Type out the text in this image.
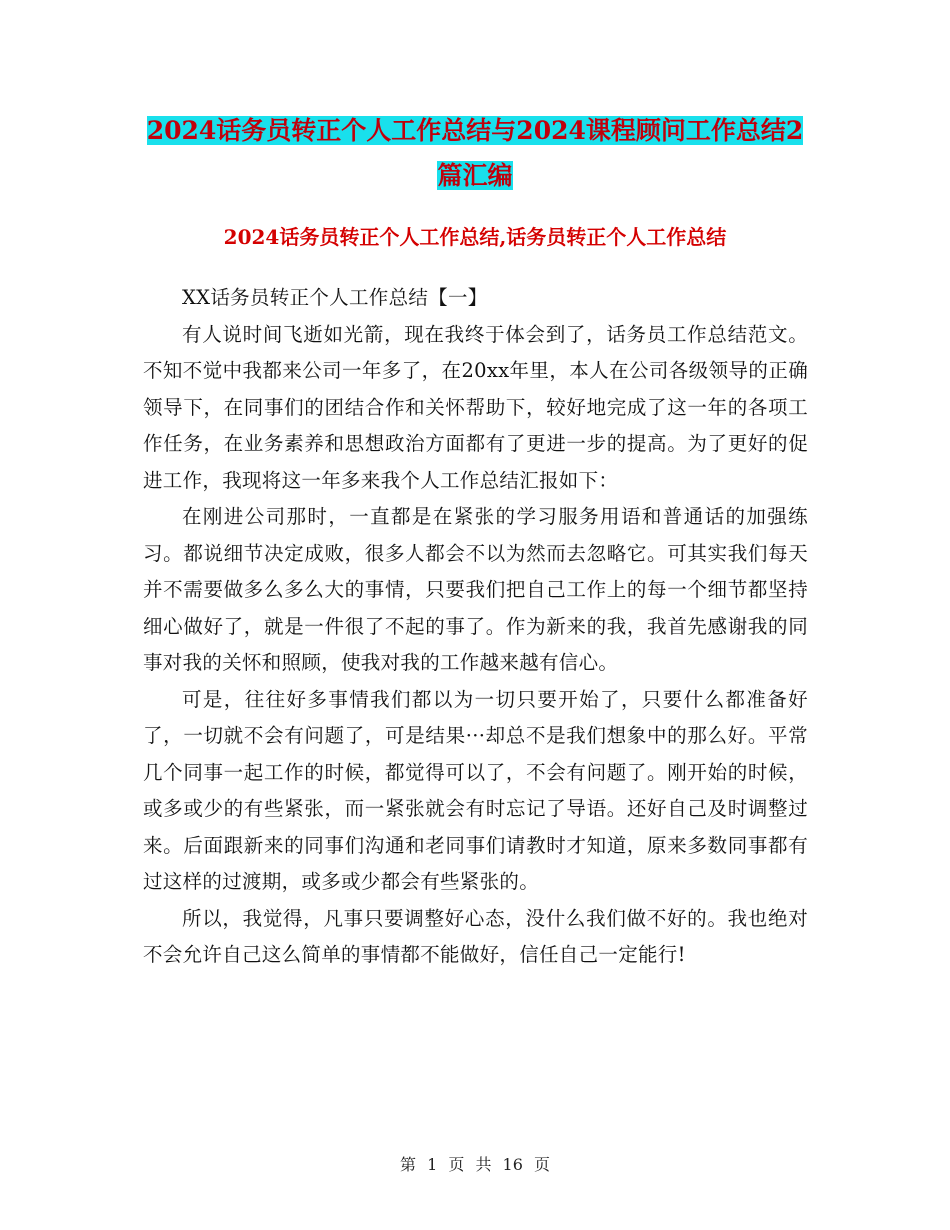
2024话务员转正个人工作总结与2024课程顾问工作总结2篇汇编
2024话务员转正个人工作总结,话务员转正个人工作总结

XX话务员转正个人工作总结【一】

有人说时间飞逝如光箭，现在我终于体会到了，话务员工作总结范文。不知不觉中我都来公司一年多了，在20xx年里，本人在公司各级领导的正确领导下，在同事们的团结合作和关怀帮助下，较好地完成了这一年的各项工作任务，在业务素养和思想政治方面都有了更进一步的提高。为了更好的促进工作，我现将这一年多来我个人工作总结汇报如下：

在刚进公司那时，一直都是在紧张的学习服务用语和普通话的加强练习。都说细节决定成败，很多人都会不以为然而去忽略它。可其实我们每天并不需要做多么多么大的事情，只要我们把自己工作上的每一个细节都坚持细心做好了，就是一件很了不起的事了。作为新来的我，我首先感谢我的同事对我的关怀和照顾，使我对我的工作越来越有信心。

可是，往往好多事情我们都以为一切只要开始了，只要什么都准备好了，一切就不会有问题了，可是结果···却总不是我们想象中的那么好。平常几个同事一起工作的时候，都觉得可以了，不会有问题了。刚开始的时候，或多或少的有些紧张，而一紧张就会有时忘记了导语。还好自己及时调整过来。后面跟新来的同事们沟通和老同事们请教时才知道，原来多数同事都有过这样的过渡期，或多或少都会有些紧张的。

所以，我觉得，凡事只要调整好心态，没什么我们做不好的。我也绝对不会允许自己这么简单的事情都不能做好，信任自己一定能行!

第 1 页 共 16 页
